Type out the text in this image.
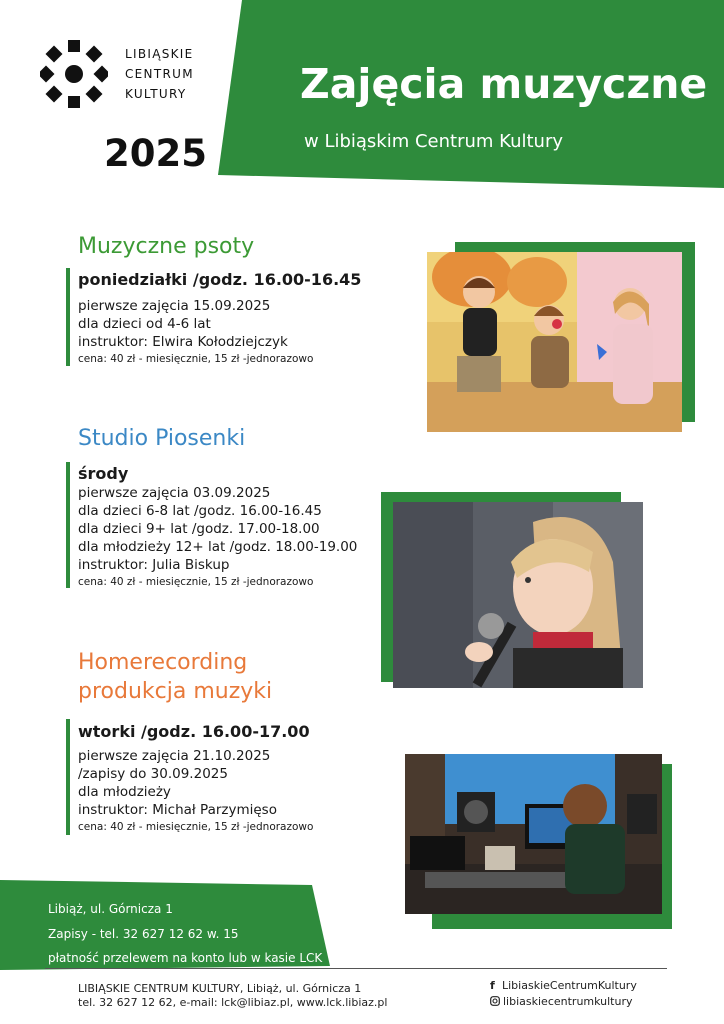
LIBIĄSKIE
CENTRUM
KULTURY
2025
Zajęcia muzyczne
w Libiąskim Centrum Kultury
Muzyczne psoty
poniedziałki /godz. 16.00-16.45
pierwsze zajęcia 15.09.2025
dla dzieci od 4-6 lat
instruktor: Elwira Kołodziejczyk
cena: 40 zł - miesięcznie, 15 zł -jednorazowo
Studio Piosenki
środy
pierwsze zajęcia 03.09.2025
dla dzieci 6-8 lat /godz. 16.00-16.45
dla dzieci 9+ lat /godz. 17.00-18.00
dla młodzieży 12+ lat /godz. 18.00-19.00
instruktor: Julia Biskup
cena: 40 zł - miesięcznie, 15 zł -jednorazowo
Homerecording
produkcja muzyki
wtorki /godz. 16.00-17.00
pierwsze zajęcia 21.10.2025
/zapisy do 30.09.2025
dla młodzieży
instruktor: Michał Parzymięso
cena: 40 zł - miesięcznie, 15 zł -jednorazowo
Libiąż, ul. Górnicza 1
Zapisy - tel. 32 627 12 62 w. 15
płatność przelewem na konto lub w kasie LCK
LIBIĄSKIE CENTRUM KULTURY, Libiąż, ul. Górnicza 1
tel. 32 627 12 62, e-mail: lck@libiaz.pl, www.lck.libiaz.pl
f LibiaskieCentrumKultury
libiaskiecentrumkultury
